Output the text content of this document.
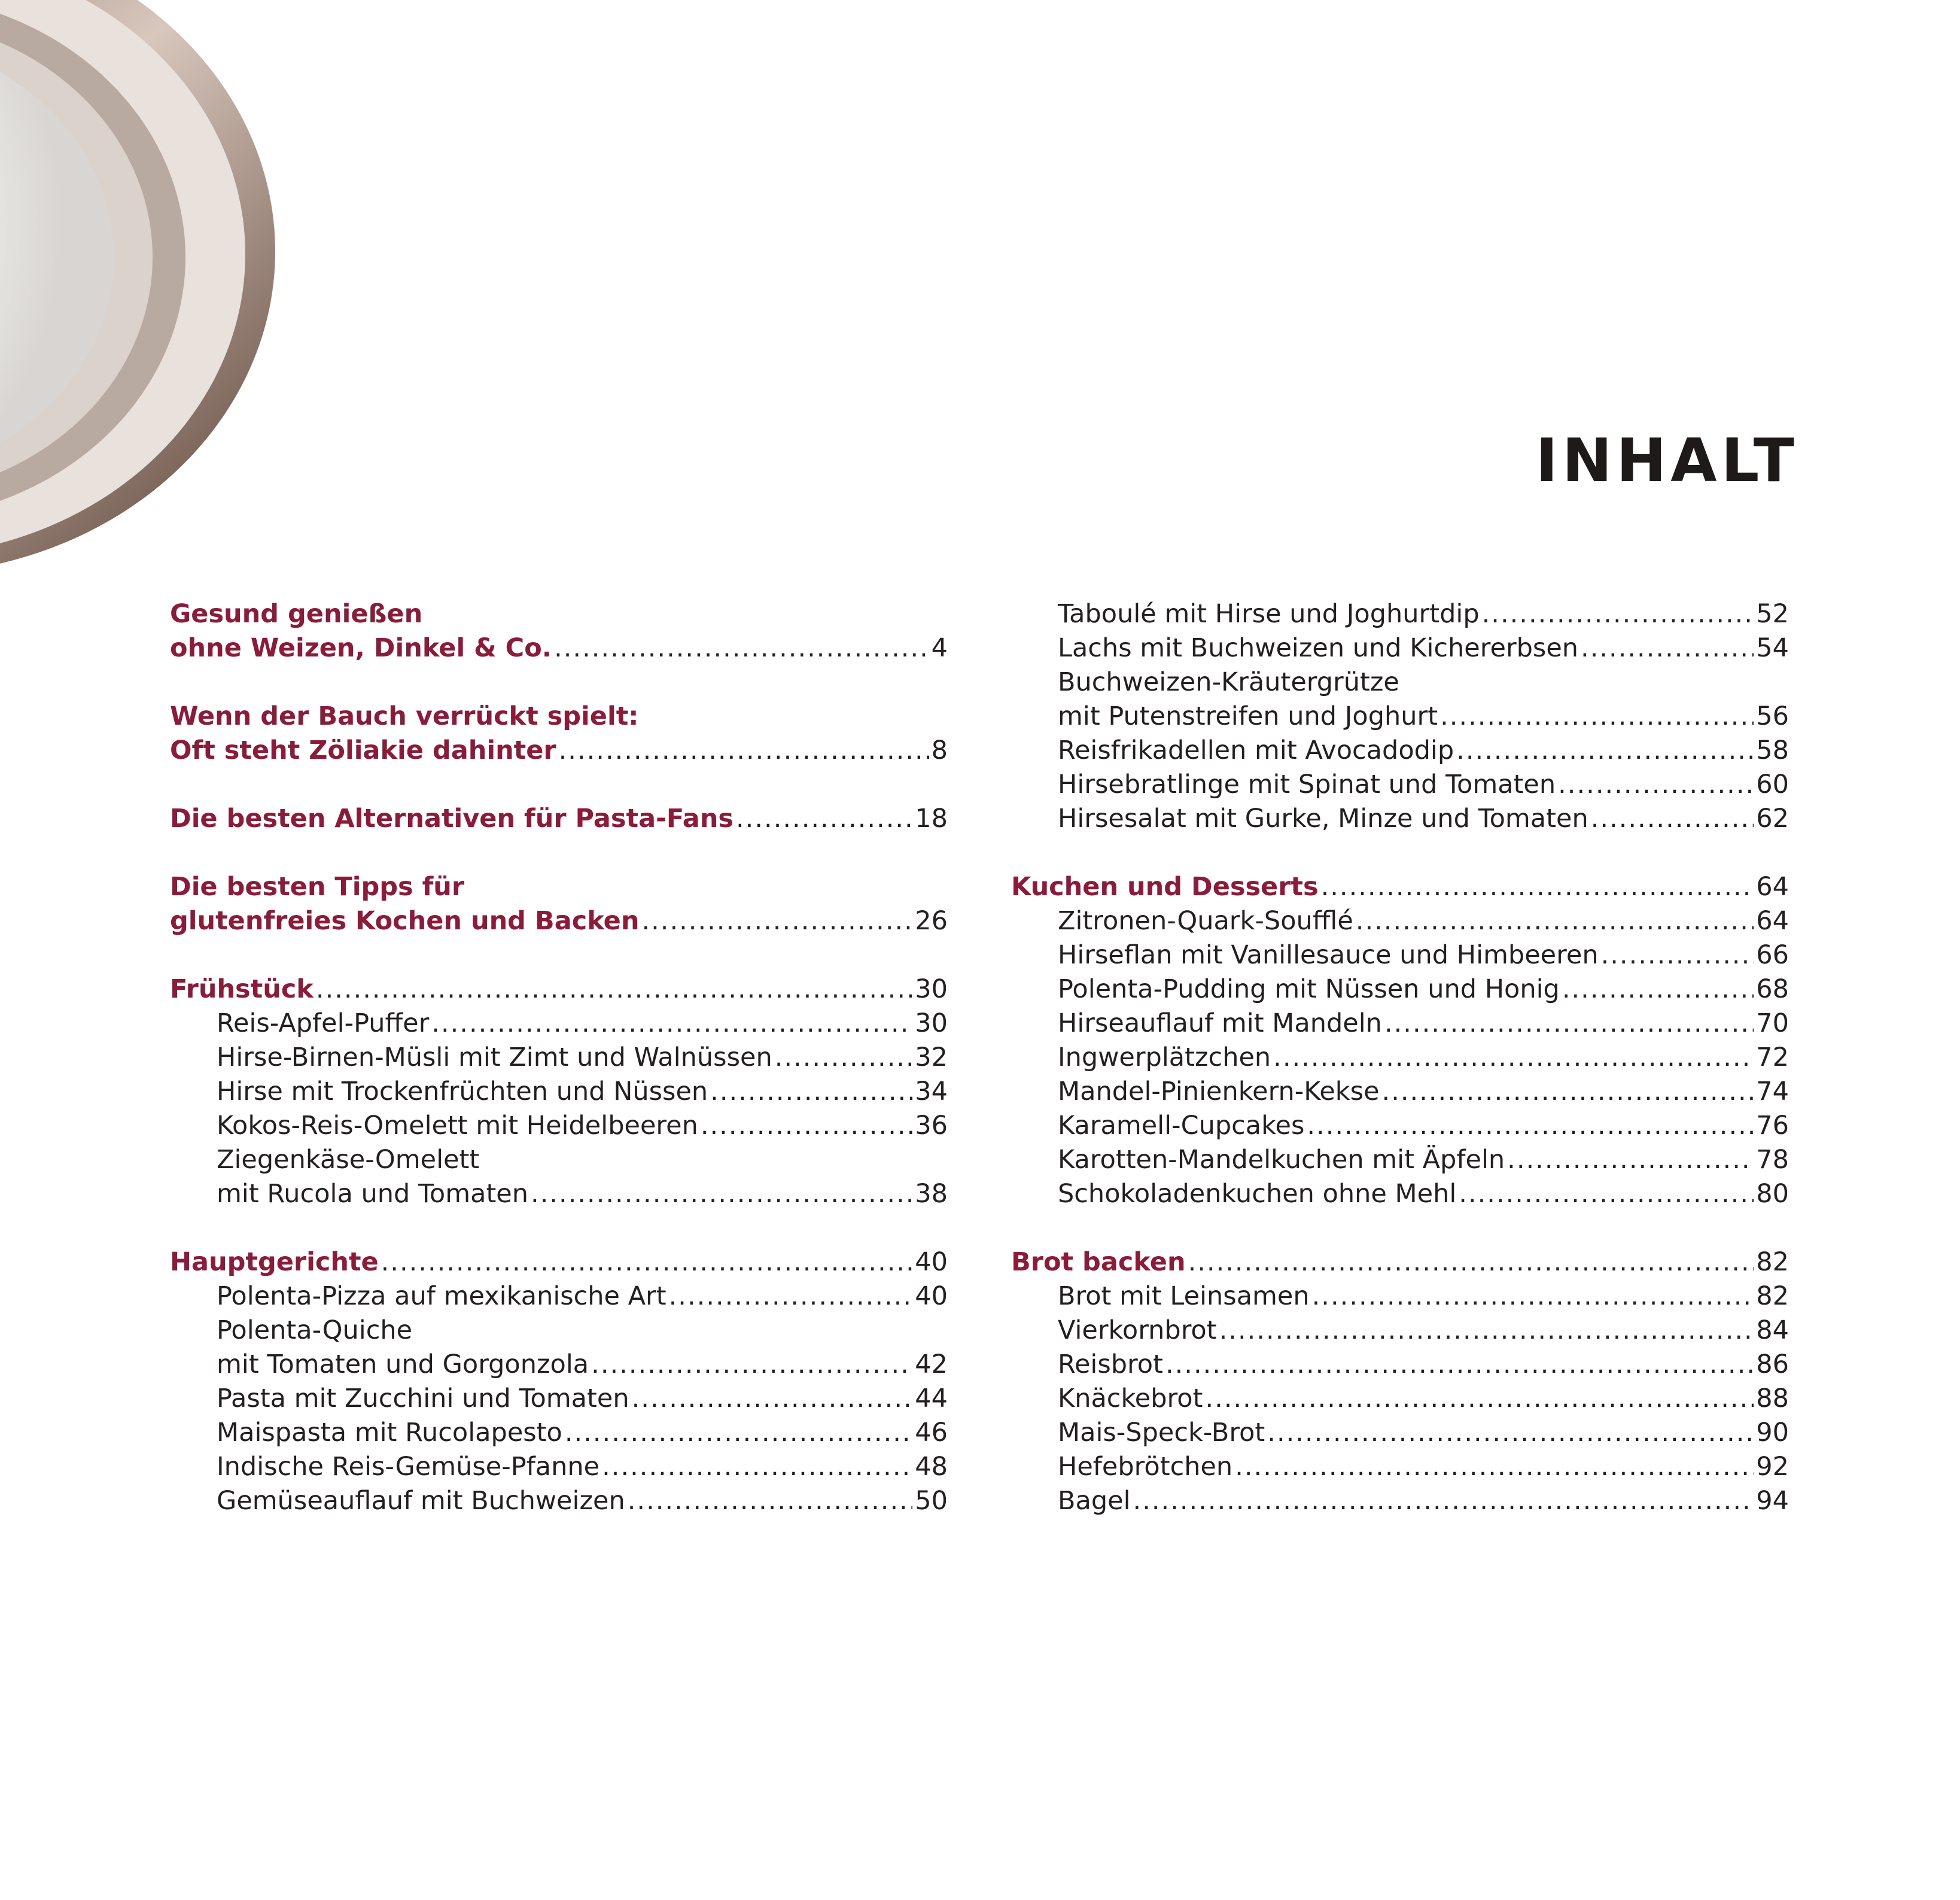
INHALT
Gesund genießen
ohne Weizen, Dinkel & Co. .....	4
Wenn der Bauch verrückt spielt:
Oft steht Zöliakie dahinter .....	8
Die besten Alternativen für Pasta-Fans .....	18
Die besten Tipps für
glutenfreies Kochen und Backen .....	26
Frühstück .....	30
Reis-Apfel-Puffer .....	30
Hirse-Birnen-Müsli mit Zimt und Walnüssen .....	32
Hirse mit Trockenfrüchten und Nüssen .....	34
Kokos-Reis-Omelett mit Heidelbeeren .....	36
Ziegenkäse-Omelett
mit Rucola und Tomaten .....	38
Hauptgerichte .....	40
Polenta-Pizza auf mexikanische Art .....	40
Polenta-Quiche
mit Tomaten und Gorgonzola .....	42
Pasta mit Zucchini und Tomaten .....	44
Maispasta mit Rucolapesto .....	46
Indische Reis-Gemüse-Pfanne .....	48
Gemüseauflauf mit Buchweizen .....	50
Taboulé mit Hirse und Joghurtdip .....	52
Lachs mit Buchweizen und Kichererbsen .....	54
Buchweizen-Kräutergrütze
mit Putenstreifen und Joghurt .....	56
Reisfrikadellen mit Avocadodip .....	58
Hirsebratlinge mit Spinat und Tomaten .....	60
Hirsesalat mit Gurke, Minze und Tomaten .....	62
Kuchen und Desserts .....	64
Zitronen-Quark-Soufflé .....	64
Hirseflan mit Vanillesauce und Himbeeren .....	66
Polenta-Pudding mit Nüssen und Honig .....	68
Hirseauflauf mit Mandeln .....	70
Ingwerplätzchen .....	72
Mandel-Pinienkern-Kekse .....	74
Karamell-Cupcakes .....	76
Karotten-Mandelkuchen mit Äpfeln .....	78
Schokoladenkuchen ohne Mehl .....	80
Brot backen .....	82
Brot mit Leinsamen .....	82
Vierkornbrot .....	84
Reisbrot .....	86
Knäckebrot .....	88
Mais-Speck-Brot .....	90
Hefebrötchen .....	92
Bagel .....	94
